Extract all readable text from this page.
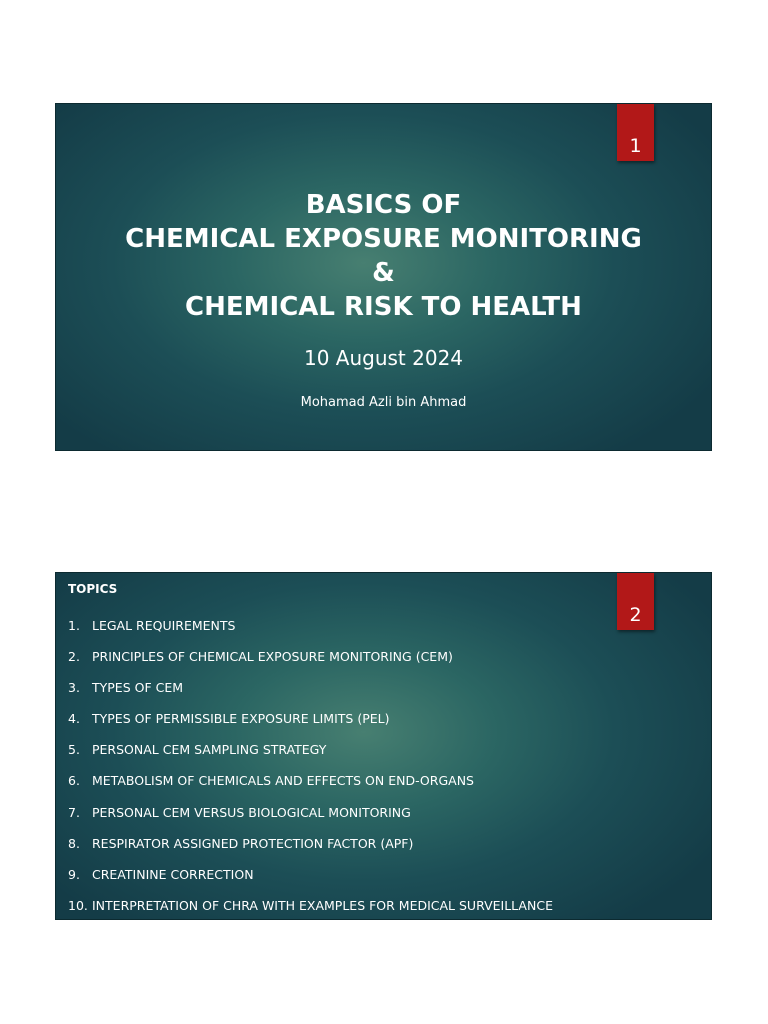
1
BASICS OF
CHEMICAL EXPOSURE MONITORING
&
CHEMICAL RISK TO HEALTH
10 August 2024
Mohamad Azli bin Ahmad
2
TOPICS
1. LEGAL REQUIREMENTS
2. PRINCIPLES OF CHEMICAL EXPOSURE MONITORING (CEM)
3. TYPES OF CEM
4. TYPES OF PERMISSIBLE EXPOSURE LIMITS (PEL)
5. PERSONAL CEM SAMPLING STRATEGY
6. METABOLISM OF CHEMICALS AND EFFECTS ON END-ORGANS
7. PERSONAL CEM VERSUS BIOLOGICAL MONITORING
8. RESPIRATOR ASSIGNED PROTECTION FACTOR (APF)
9. CREATININE CORRECTION
10. INTERPRETATION OF CHRA WITH EXAMPLES FOR MEDICAL SURVEILLANCE
